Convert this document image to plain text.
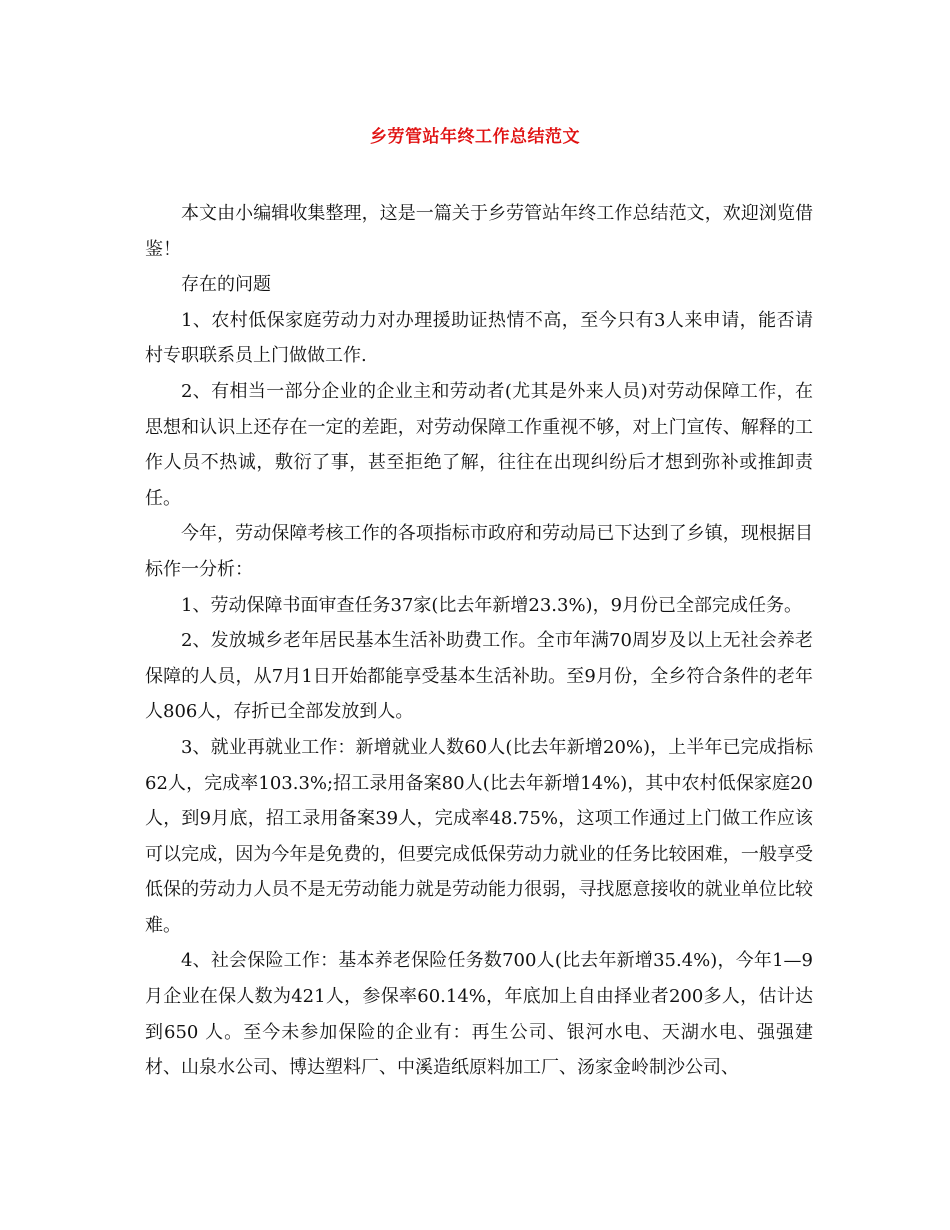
乡劳管站年终工作总结范文

本文由小编辑收集整理，这是一篇关于乡劳管站年终工作总结范文，欢迎浏览借鉴！

存在的问题

1、农村低保家庭劳动力对办理援助证热情不高，至今只有3人来申请，能否请村专职联系员上门做做工作.

2、有相当一部分企业的企业主和劳动者(尤其是外来人员)对劳动保障工作，在思想和认识上还存在一定的差距，对劳动保障工作重视不够，对上门宣传、解释的工作人员不热诚，敷衍了事，甚至拒绝了解，往往在出现纠纷后才想到弥补或推卸责任。

今年，劳动保障考核工作的各项指标市政府和劳动局已下达到了乡镇，现根据目标作一分析：

1、劳动保障书面审查任务37家(比去年新增23.3%)，9月份已全部完成任务。

2、发放城乡老年居民基本生活补助费工作。全市年满70周岁及以上无社会养老保障的人员，从7月1日开始都能享受基本生活补助。至9月份，全乡符合条件的老年人806人，存折已全部发放到人。

3、就业再就业工作：新增就业人数60人(比去年新增20%)，上半年已完成指标62人，完成率103.3%;招工录用备案80人(比去年新增14%)，其中农村低保家庭20人，到9月底，招工录用备案39人，完成率48.75%，这项工作通过上门做工作应该可以完成，因为今年是免费的，但要完成低保劳动力就业的任务比较困难，一般享受低保的劳动力人员不是无劳动能力就是劳动能力很弱，寻找愿意接收的就业单位比较难。

4、社会保险工作：基本养老保险任务数700人(比去年新增35.4%)，今年1—9月企业在保人数为421人，参保率60.14%，年底加上自由择业者200多人，估计达到650 人。至今未参加保险的企业有：再生公司、银河水电、天湖水电、强强建材、山泉水公司、博达塑料厂、中溪造纸原料加工厂、汤家金岭制沙公司、
